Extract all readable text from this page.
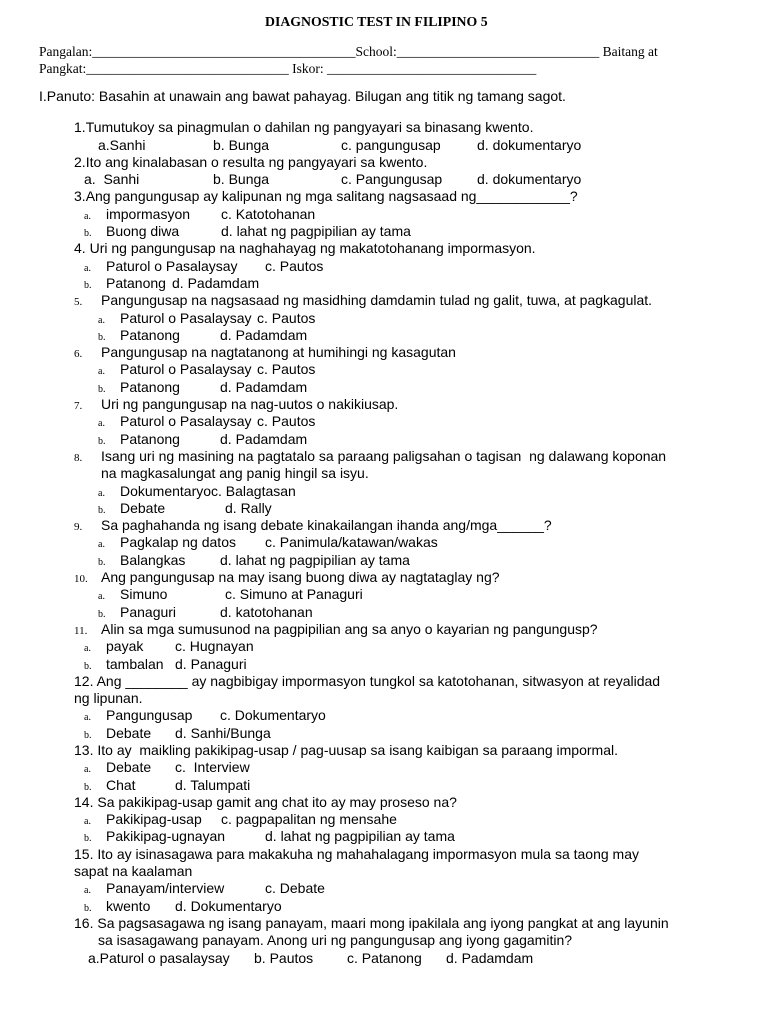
DIAGNOSTIC TEST IN FILIPINO 5
Pangalan:_______________________________________School:______________________________ Baitang at
Pangkat:______________________________ Iskor: _______________________________
I.Panuto: Basahin at unawain ang bawat pahayag. Bilugan ang titik ng tamang sagot.
1.Tumutukoy sa pinagmulan o dahilan ng pangyayari sa binasang kwento.
a.Sanhi	b. Bunga	c. pangungusap	d. dokumentaryo
2.Ito ang kinalabasan o resulta ng pangyayari sa kwento.
a.  Sanhi	b. Bunga	c. Pangungusap d. dokumentaryo
3.Ang pangungusap ay kalipunan ng mga salitang nagsasaad ng____________?
a. impormasyon c. Katotohanan
b. Buong diwa	d. lahat ng pagpipilian ay tama
4. Uri ng pangungusap na naghahayag ng makatotohanang impormasyon.
a. Paturol o Pasalaysay c. Pautos
b. Patanong d. Padamdam
5. Pangungusap na nagsasaad ng masidhing damdamin tulad ng galit, tuwa, at pagkagulat.
a. Paturol o Pasalaysay c. Pautos
b. Patanong	d. Padamdam
6. Pangungusap na nagtatanong at humihingi ng kasagutan
a. Paturol o Pasalaysay c. Pautos
b. Patanong	d. Padamdam
7. Uri ng pangungusap na nag-uutos o nakikiusap.
a. Paturol o Pasalaysay c. Pautos
b. Patanong	d. Padamdam
8. Isang uri ng masining na pagtatalo sa paraang paligsahan o tagisan  ng dalawang koponan
na magkasalungat ang panig hingil sa isyu.
a. Dokumentaryo c. Balagtasan
b. Debate	d. Rally
9. Sa paghahanda ng isang debate kinakailangan ihanda ang/mga______?
a. Pagkalap ng datos c. Panimula/katawan/wakas
b. Balangkas d. lahat ng pagpipilian ay tama
10. Ang pangungusap na may isang buong diwa ay nagtataglay ng?
a. Simuno	c. Simuno at Panaguri
b. Panaguri	d. katotohanan
11. Alin sa mga sumusunod na pagpipilian ang sa anyo o kayarian ng pangungusp?
a. payak c. Hugnayan
b. tambalan d. Panaguri
12. Ang ________ ay nagbibigay impormasyon tungkol sa katotohanan, sitwasyon at reyalidad
ng lipunan.
a. Pangungusap c. Dokumentaryo
b. Debate d. Sanhi/Bunga
13. Ito ay  maikling pakikipag-usap / pag-uusap sa isang kaibigan sa paraang impormal.
a. Debate c.  Interview
b. Chat	d. Talumpati
14. Sa pakikipag-usap gamit ang chat ito ay may proseso na?
a. Pakikipag-usap c. pagpapalitan ng mensahe
b. Pakikipag-ugnayan	d. lahat ng pagpipilian ay tama
15. Ito ay isinasagawa para makakuha ng mahahalagang impormasyon mula sa taong may
sapat na kaalaman
a. Panayam/interview	c. Debate
b. kwento d. Dokumentaryo
16. Sa pagsasagawa ng isang panayam, maari mong ipakilala ang iyong pangkat at ang layunin
sa isasagawang panayam. Anong uri ng pangungusap ang iyong gagamitin?
a.Paturol o pasalaysay b. Pautos c. Patanong d. Padamdam
